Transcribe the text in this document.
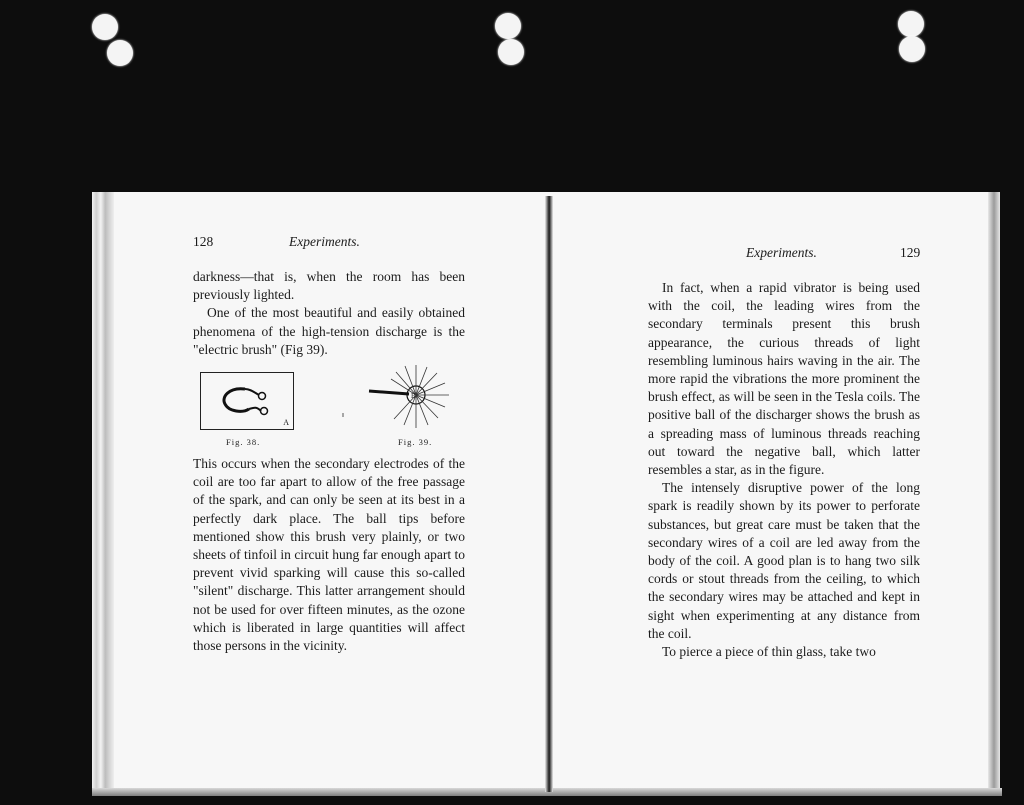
128	Experiments.

darkness—that is, when the room has been previously lighted.

One of the most beautiful and easily obtained phenomena of the high-tension discharge is the "electric brush" (Fig 39).

A
Fig. 38.
B
Fig. 39.

This occurs when the secondary electrodes of the coil are too far apart to allow of the free passage of the spark, and can only be seen at its best in a perfectly dark place. The ball tips before mentioned show this brush very plainly, or two sheets of tinfoil in circuit hung far enough apart to prevent vivid sparking will cause this so-called "silent" discharge. This latter arrangement should not be used for over fifteen minutes, as the ozone which is liberated in large quantities will affect those persons in the vicinity.

Experiments.	129

In fact, when a rapid vibrator is being used with the coil, the leading wires from the secondary terminals present this brush appearance, the curious threads of light resembling luminous hairs waving in the air. The more rapid the vibrations the more prominent the brush effect, as will be seen in the Tesla coils. The positive ball of the discharger shows the brush as a spreading mass of luminous threads reaching out toward the negative ball, which latter resembles a star, as in the figure.

The intensely disruptive power of the long spark is readily shown by its power to perforate substances, but great care must be taken that the secondary wires of a coil are led away from the body of the coil. A good plan is to hang two silk cords or stout threads from the ceiling, to which the secondary wires may be attached and kept in sight when experimenting at any distance from the coil.

To pierce a piece of thin glass, take two
